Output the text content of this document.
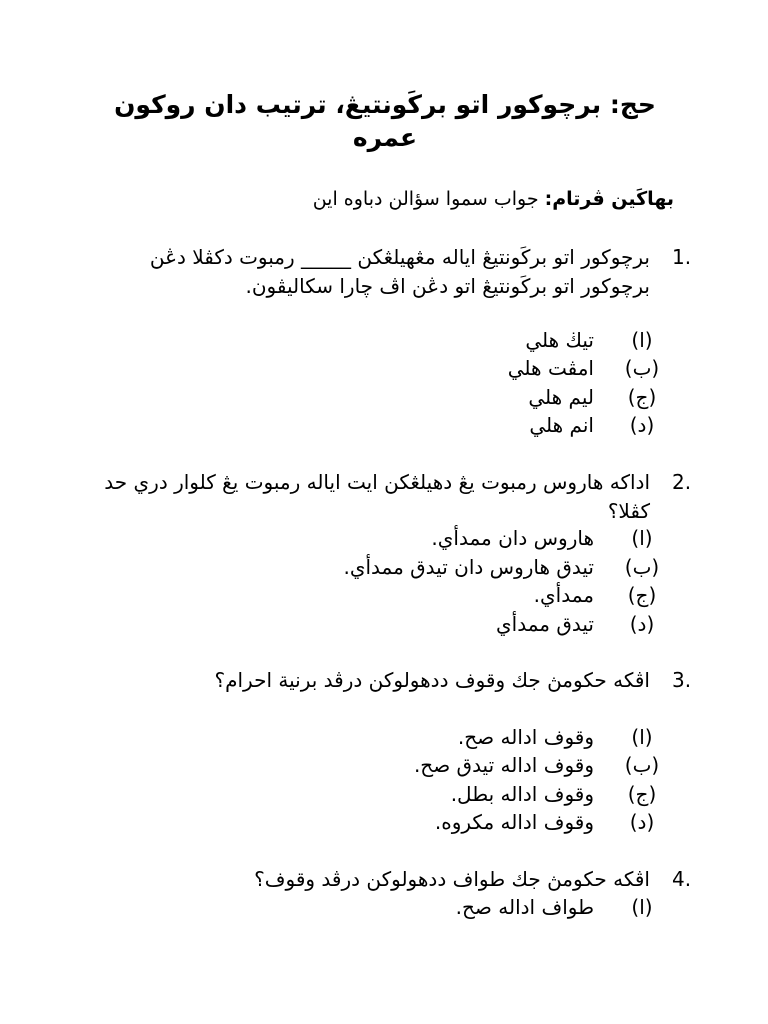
حج: برچوكور اتو برکَونتيڠ، ترتيب دان روكون عمره
بهاکَين ڤرتام: جواب سموا سؤالن دباوه اين
1.
برچوكور اتو برکَونتيڠ اياله مڠهيلڠكن _____ رمبوت دکڤلا دڠن برچوكور اتو برکَونتيڠ اتو دڠن اڤ چارا سكاليڤون.
(ا)
تيڬ هلي
(ب)
امڤت هلي
(ج)
ليم هلي
(د)
انم هلي
2.
اداكه هاروس رمبوت يڠ دهيلڠكن ايت اياله رمبوت يڠ كلوار دري حد كڤلا؟
(ا)
هاروس دان ممدأي.
(ب)
تيدق هاروس دان تيدق ممدأي.
(ج)
ممدأي.
(د)
تيدق ممدأي
3.
اڤكه حكومڽ جك وقوف ددهولوكن درڤد برنية احرام؟
(ا)
وقوف اداله صح.
(ب)
وقوف اداله تيدق صح.
(ج)
وقوف اداله بطل.
(د)
وقوف اداله مكروه.
4.
اڤكه حكومڽ جك طواف ددهولوكن درڤد وقوف؟
(ا)
طواف اداله صح.
